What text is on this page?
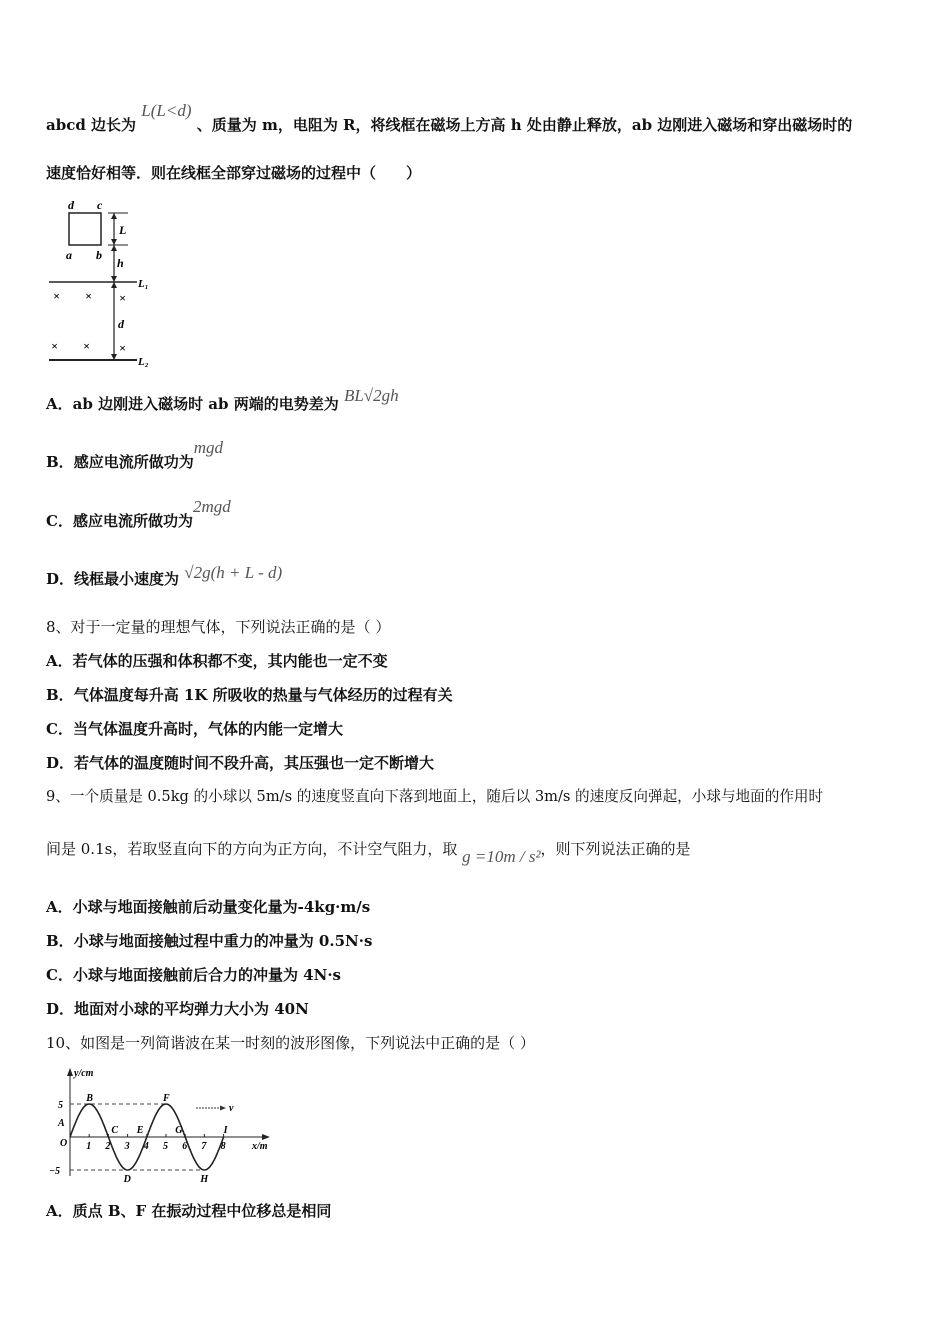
abcd 边长为 L(L<d) 、质量为 m，电阻为 R，将线框在磁场上方高 h 处由静止释放，ab 边刚进入磁场和穿出磁场时的
速度恰好相等．则在线框全部穿过磁场的过程中（　　）
d c
a b
L
h
L₁
L₂
d
× × ×
× × ×
A．ab 边刚进入磁场时 ab 两端的电势差为 BL√2gh
B．感应电流所做功为mgd
C．感应电流所做功为2mgd
D．线框最小速度为 √2g(h + L - d)
8、对于一定量的理想气体，下列说法正确的是（ ）
A．若气体的压强和体积都不变，其内能也一定不变
B．气体温度每升高 1K 所吸收的热量与气体经历的过程有关
C．当气体温度升高时，气体的内能一定增大
D．若气体的温度随时间不段升高，其压强也一定不断增大
9、一个质量是 0.5kg 的小球以 5m/s 的速度竖直向下落到地面上，随后以 3m/s 的速度反向弹起，小球与地面的作用时
间是 0.1s，若取竖直向下的方向为正方向，不计空气阻力，取 g =10m / s²，则下列说法正确的是
A．小球与地面接触前后动量变化量为-4kg·m/s
B．小球与地面接触过程中重力的冲量为 0.5N·s
C．小球与地面接触前后合力的冲量为 4N·s
D．地面对小球的平均弹力大小为 40N
10、如图是一列简谐波在某一时刻的波形图像，下列说法中正确的是（ ）
y/cm
x/m
v
5
−5
O 1 2 3 4 5 6 7 8
A
B
C
D
E
F
G
H
I
A．质点 B、F 在振动过程中位移总是相同
